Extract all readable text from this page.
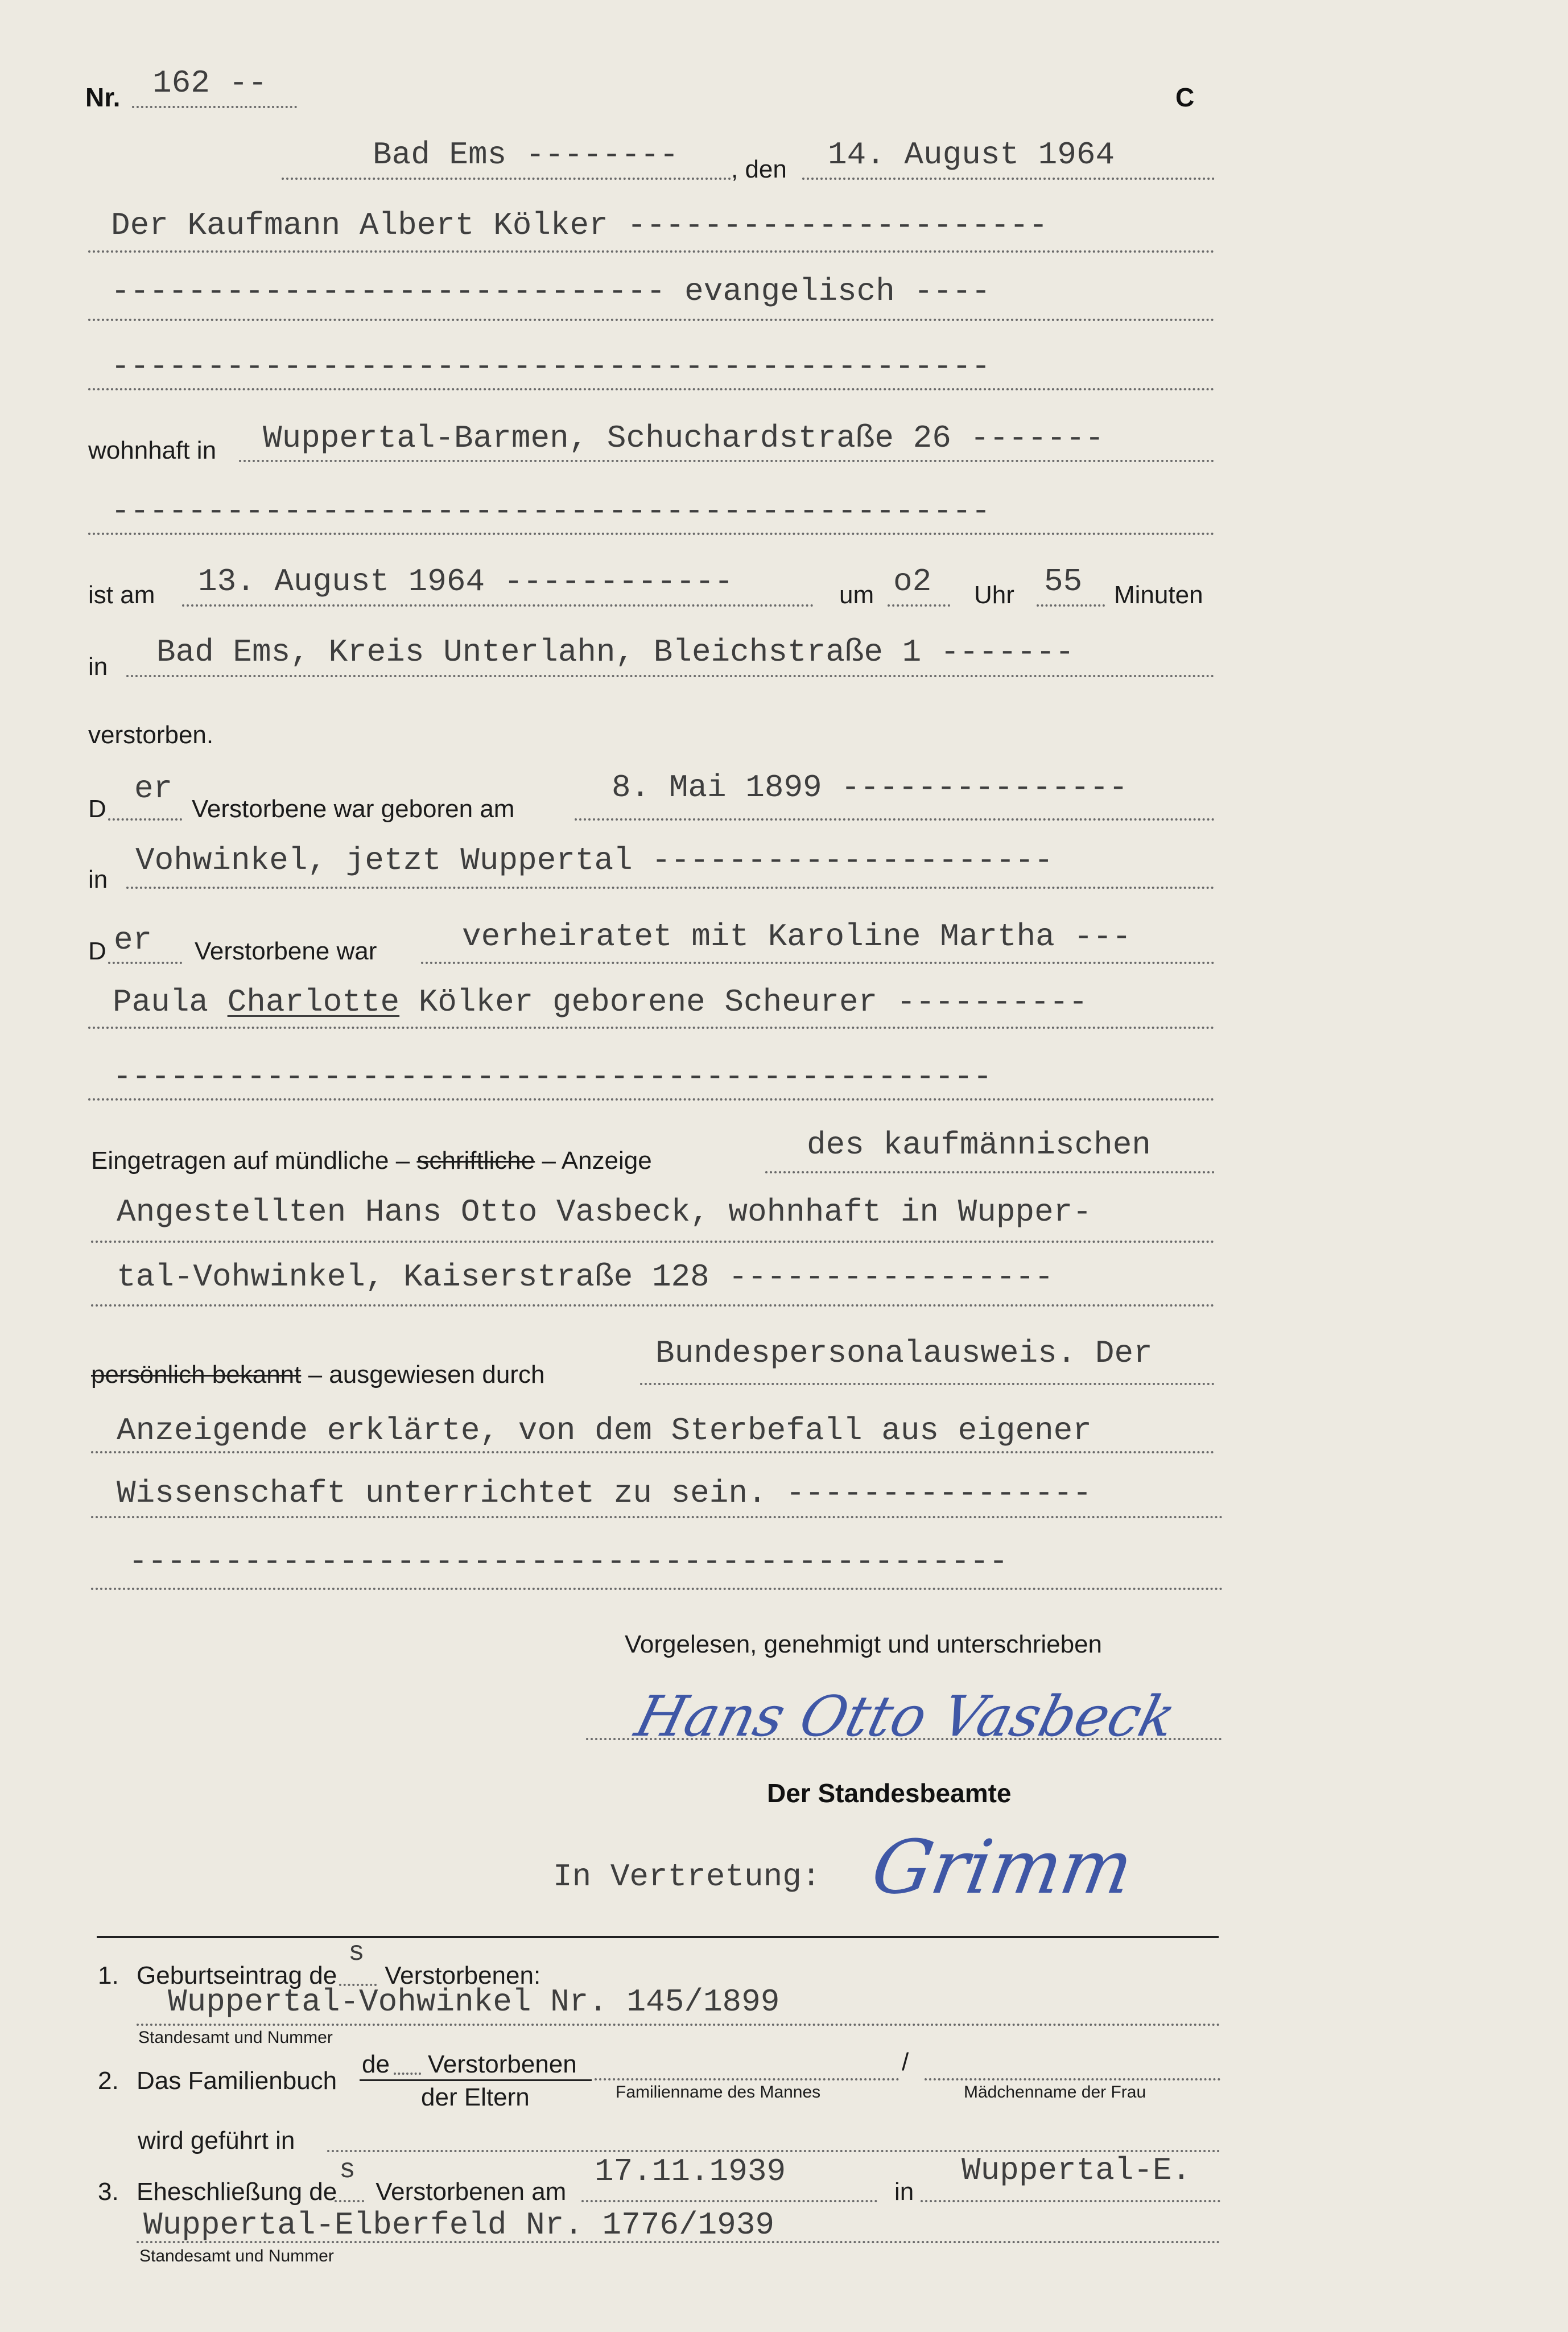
Nr. 162 --	C
Bad Ems -------- , den 14. August 1964
Der Kaufmann Albert Kölker ----------------------
----------------------------- evangelisch ----
----------------------------------------------
wohnhaft in Wuppertal-Barmen, Schuchardstraße 26 -------
----------------------------------------------
ist am 13. August 1964 ------------	um o2 Uhr 55 Minuten
in Bad Ems, Kreis Unterlahn, Bleichstraße 1 -------
verstorben.
D
er
Verstorbene war geboren am
8. Mai 1899 ---------------
in
Vohwinkel, jetzt Wuppertal ---------------------
D er Verstorbene war	verheiratet mit Karoline Martha ---
Paula Charlotte Kölker geborene Scheurer ----------
----------------------------------------------
Eingetragen auf mündliche – schriftliche – Anzeige	des kaufmännischen
Angestellten Hans Otto Vasbeck, wohnhaft in Wupper-
tal-Vohwinkel, Kaiserstraße 128 -----------------
persönlich bekannt – ausgewiesen durch
Bundespersonalausweis. Der
Anzeigende erklärte, von dem Sterbefall aus eigener
Wissenschaft unterrichtet zu sein. ----------------
----------------------------------------------
Vorgelesen, genehmigt und unterschrieben
Hans Otto Vasbeck
Der Standesbeamte
In Vertretung: Grimm
1. Geburtseintrag de
s
Verstorbenen:
Wuppertal-Vohwinkel Nr. 145/1899
Standesamt und Nummer
2. Das Familienbuch
de Verstorbenen
der Eltern
/
Familienname des Mannes	Mädchenname der Frau
wird geführt in
3. Eheschließung de
s
Verstorbenen am
17.11.1939
in
Wuppertal-E.
Wuppertal-Elberfeld Nr. 1776/1939
Standesamt und Nummer
